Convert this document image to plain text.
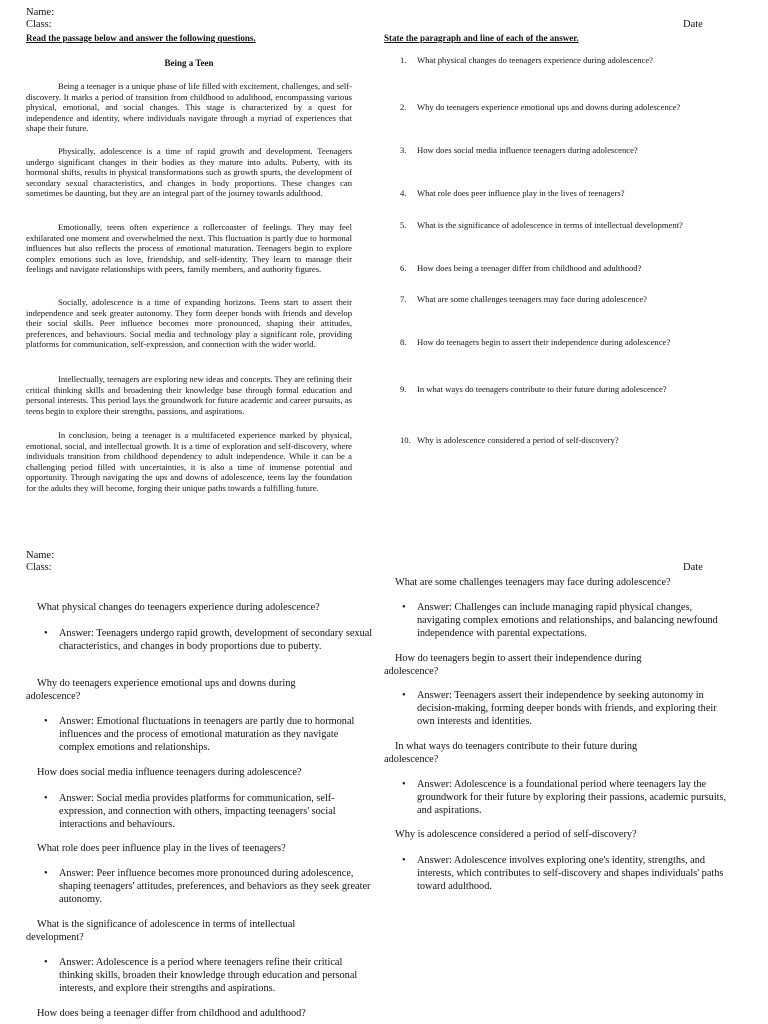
Name:
Class:	Date
Read the passage below and answer the following questions.	State the paragraph and line of each of the answer.
Being a Teen
Being a teenager is a unique phase of life filled with excitement, challenges, and self-discovery. It marks a period of transition from childhood to adulthood, encompassing various physical, emotional, and social changes. This stage is characterized by a quest for independence and identity, where individuals navigate through a myriad of experiences that shape their future.
Physically, adolescence is a time of rapid growth and development. Teenagers undergo significant changes in their bodies as they mature into adults. Puberty, with its hormonal shifts, results in physical transformations such as growth spurts, the development of secondary sexual characteristics, and changes in body proportions. These changes can sometimes be daunting, but they are an integral part of the journey towards adulthood.
Emotionally, teens often experience a rollercoaster of feelings. They may feel exhilarated one moment and overwhelmed the next. This fluctuation is partly due to hormonal influences but also reflects the process of emotional maturation. Teenagers begin to explore complex emotions such as love, friendship, and self-identity. They learn to manage their feelings and navigate relationships with peers, family members, and authority figures.
Socially, adolescence is a time of expanding horizons. Teens start to assert their independence and seek greater autonomy. They form deeper bonds with friends and develop their social skills. Peer influence becomes more pronounced, shaping their attitudes, preferences, and behaviours. Social media and technology play a significant role, providing platforms for communication, self-expression, and connection with the wider world.
Intellectually, teenagers are exploring new ideas and concepts. They are refining their critical thinking skills and broadening their knowledge base through formal education and personal interests. This period lays the groundwork for future academic and career pursuits, as teens begin to explore their strengths, passions, and aspirations.
In conclusion, being a teenager is a multifaceted experience marked by physical, emotional, social, and intellectual growth. It is a time of exploration and self-discovery, where individuals transition from childhood dependency to adult independence. While it can be a challenging period filled with uncertainties, it is also a time of immense potential and opportunity. Through navigating the ups and downs of adolescence, teens lay the foundation for the adults they will become, forging their unique paths towards a fulfilling future.
1. What physical changes do teenagers experience during adolescence?
2. Why do teenagers experience emotional ups and downs during adolescence?
3. How does social media influence teenagers during adolescence?
4. What role does peer influence play in the lives of teenagers?
5. What is the significance of adolescence in terms of intellectual development?
6. How does being a teenager differ from childhood and adulthood?
7. What are some challenges teenagers may face during adolescence?
8. How do teenagers begin to assert their independence during adolescence?
9. In what ways do teenagers contribute to their future during adolescence?
10. Why is adolescence considered a period of self-discovery?
Name:
Class:	Date
What physical changes do teenagers experience during adolescence?
• Answer: Teenagers undergo rapid growth, development of secondary sexual characteristics, and changes in body proportions due to puberty.
Why do teenagers experience emotional ups and downs during adolescence?
• Answer: Emotional fluctuations in teenagers are partly due to hormonal influences and the process of emotional maturation as they navigate complex emotions and relationships.
How does social media influence teenagers during adolescence?
• Answer: Social media provides platforms for communication, self-expression, and connection with others, impacting teenagers' social interactions and behaviours.
What role does peer influence play in the lives of teenagers?
• Answer: Peer influence becomes more pronounced during adolescence, shaping teenagers' attitudes, preferences, and behaviors as they seek greater autonomy.
What is the significance of adolescence in terms of intellectual development?
• Answer: Adolescence is a period where teenagers refine their critical thinking skills, broaden their knowledge through education and personal interests, and explore their strengths and aspirations.
How does being a teenager differ from childhood and adulthood?
What are some challenges teenagers may face during adolescence?
• Answer: Challenges can include managing rapid physical changes, navigating complex emotions and relationships, and balancing newfound independence with parental expectations.
How do teenagers begin to assert their independence during adolescence?
• Answer: Teenagers assert their independence by seeking autonomy in decision-making, forming deeper bonds with friends, and exploring their own interests and identities.
In what ways do teenagers contribute to their future during adolescence?
• Answer: Adolescence is a foundational period where teenagers lay the groundwork for their future by exploring their passions, academic pursuits, and aspirations.
Why is adolescence considered a period of self-discovery?
• Answer: Adolescence involves exploring one's identity, strengths, and interests, which contributes to self-discovery and shapes individuals' paths toward adulthood.
